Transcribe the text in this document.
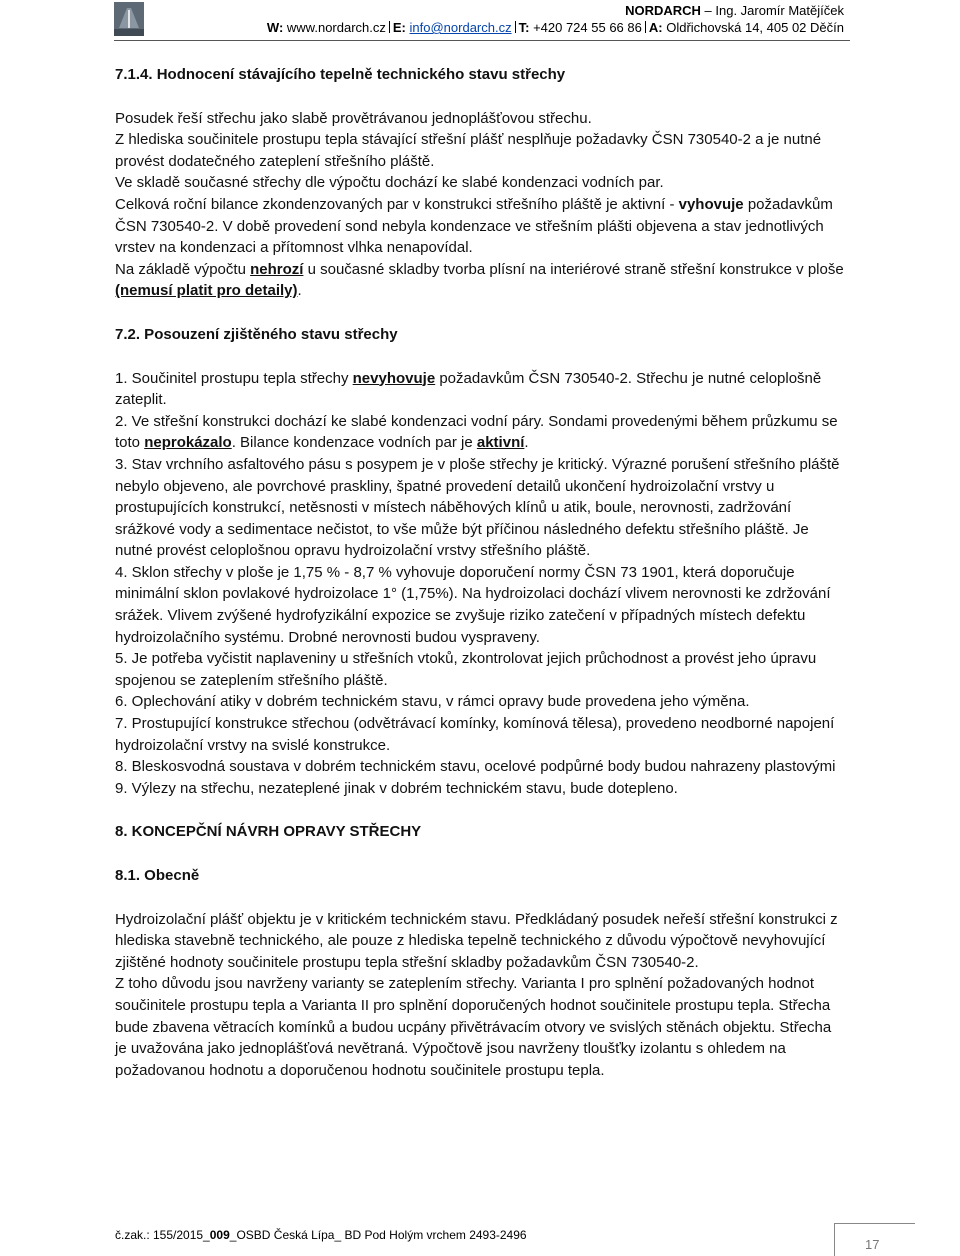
NORDARCH – Ing. Jaromír Matějíček
W: www.nordarch.cz E: info@nordarch.cz T: +420 724 55 66 86 A: Oldřichovská 14, 405 02 Děčín

7.1.4. Hodnocení stávajícího tepelně technického stavu střechy

Posudek řeší střechu jako slabě provětrávanou jednoplášťovou střechu.

Z hlediska součinitele prostupu tepla stávající střešní plášť nesplňuje požadavky ČSN 730540-2 a je nutné provést dodatečného zateplení střešního pláště.

Ve skladě současné střechy dle výpočtu dochází ke slabé kondenzaci vodních par.

Celková roční bilance zkondenzovaných par v konstrukci střešního pláště je aktivní - vyhovuje požadavkům ČSN 730540-2. V době provedení sond nebyla kondenzace ve střešním plášti objevena a stav jednotlivých vrstev na kondenzaci a přítomnost vlhka nenapovídal.

Na základě výpočtu nehrozí u současné skladby tvorba plísní na interiérové straně střešní konstrukce v ploše (nemusí platit pro detaily).

7.2. Posouzení zjištěného stavu střechy

1. Součinitel prostupu tepla střechy nevyhovuje požadavkům ČSN 730540-2. Střechu je nutné celoplošně zateplit.

2. Ve střešní konstrukci dochází ke slabé kondenzaci vodní páry. Sondami provedenými během průzkumu se toto neprokázalo. Bilance kondenzace vodních par je aktivní.

3. Stav vrchního asfaltového pásu s posypem je v ploše střechy je kritický. Výrazné porušení střešního pláště nebylo objeveno, ale povrchové praskliny, špatné provedení detailů ukončení hydroizolační vrstvy u prostupujících konstrukcí, netěsnosti v místech náběhových klínů u atik, boule, nerovnosti, zadržování srážkové vody a sedimentace nečistot, to vše může být příčinou následného defektu střešního pláště. Je nutné provést celoplošnou opravu hydroizolační vrstvy střešního pláště.

4. Sklon střechy v ploše je 1,75 % - 8,7 % vyhovuje doporučení normy ČSN 73 1901, která doporučuje minimální sklon povlakové hydroizolace 1° (1,75%). Na hydroizolaci dochází vlivem nerovnosti ke zdržování srážek. Vlivem zvýšené hydrofyzikální expozice se zvyšuje riziko zatečení v případných místech defektu hydroizolačního systému. Drobné nerovnosti budou vyspraveny.

5. Je potřeba vyčistit naplaveniny u střešních vtoků, zkontrolovat jejich průchodnost a provést jeho úpravu spojenou se zateplením střešního pláště.

6. Oplechování atiky v dobrém technickém stavu, v rámci opravy bude provedena jeho výměna.

7. Prostupující konstrukce střechou (odvětrávací komínky, komínová tělesa), provedeno neodborné napojení hydroizolační vrstvy na svislé konstrukce.

8. Bleskosvodná soustava v dobrém technickém stavu, ocelové podpůrné body budou nahrazeny plastovými

9. Výlezy na střechu, nezateplené jinak v dobrém technickém stavu, bude dotepleno.

8. KONCEPČNÍ NÁVRH OPRAVY STŘECHY

8.1. Obecně

Hydroizolační plášť objektu je v kritickém technickém stavu. Předkládaný posudek neřeší střešní konstrukci z hlediska stavebně technického, ale pouze z hlediska tepelně technického z důvodu výpočtově nevyhovující zjištěné hodnoty součinitele prostupu tepla střešní skladby požadavkům ČSN 730540-2.

Z toho důvodu jsou navrženy varianty se zateplením střechy. Varianta I pro splnění požadovaných hodnot součinitele prostupu tepla a Varianta II pro splnění doporučených hodnot součinitele prostupu tepla. Střecha bude zbavena větracích komínků a budou ucpány přivětrávacím otvory ve svislých stěnách objektu. Střecha je uvažována jako jednoplášťová nevětraná. Výpočtově jsou navrženy tloušťky izolantu s ohledem na požadovanou hodnotu a doporučenou hodnotu součinitele prostupu tepla.

č.zak.: 155/2015_009_OSBD Česká Lípa_ BD Pod Holým vrchem 2493-2496
17
